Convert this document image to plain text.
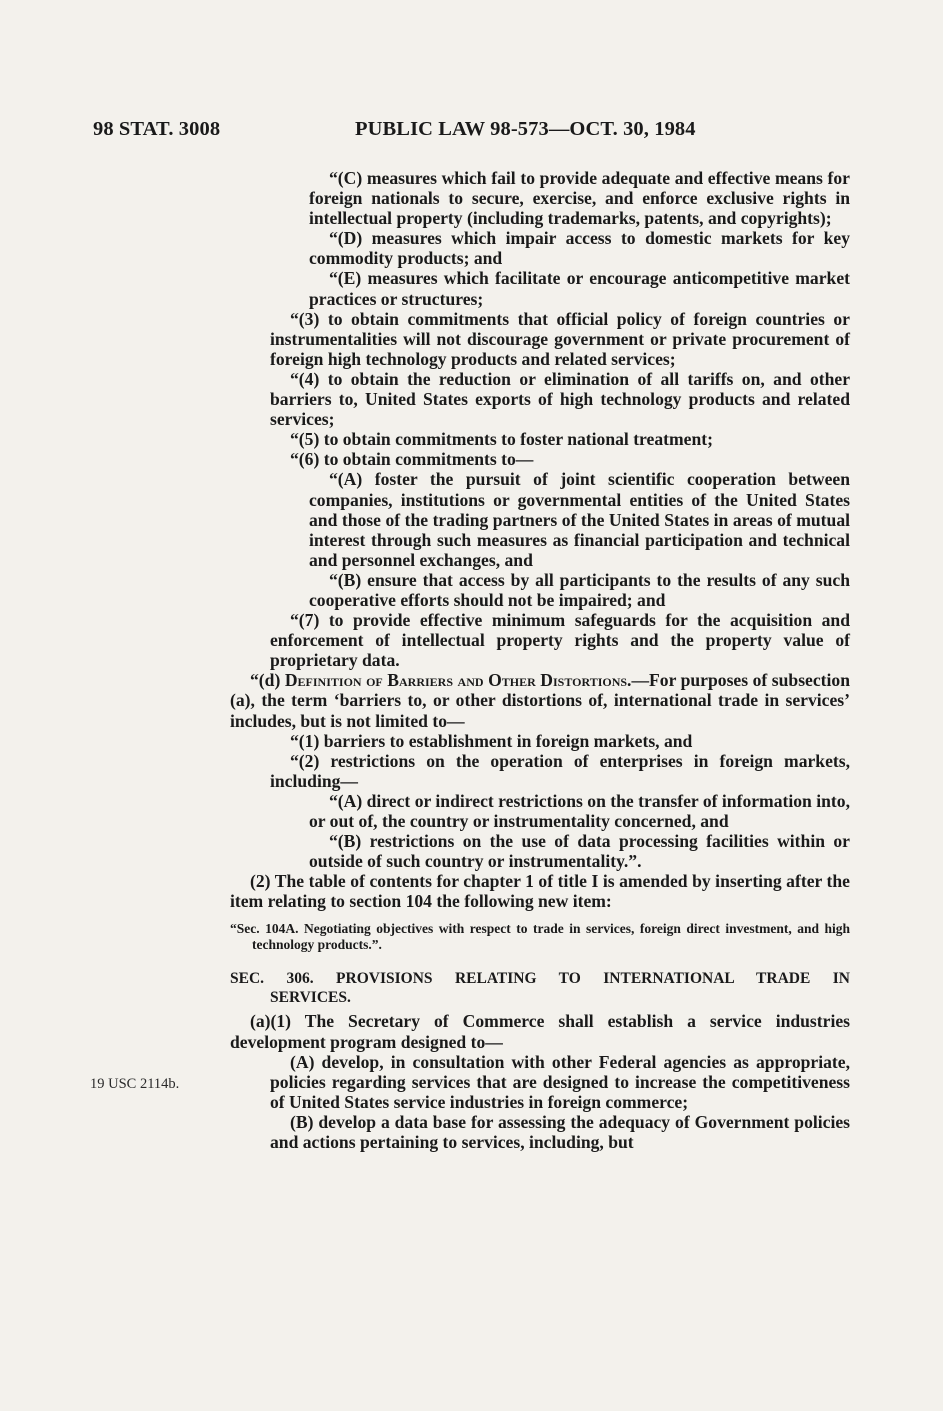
98 STAT. 3008	PUBLIC LAW 98-573—OCT. 30, 1984
19 USC 2114b.

“(C) measures which fail to provide adequate and effective means for foreign nationals to secure, exercise, and enforce exclusive rights in intellectual property (including trademarks, patents, and copyrights);

“(D) measures which impair access to domestic markets for key commodity products; and

“(E) measures which facilitate or encourage anticompetitive market practices or structures;

“(3) to obtain commitments that official policy of foreign countries or instrumentalities will not discourage government or private procurement of foreign high technology products and related services;

“(4) to obtain the reduction or elimination of all tariffs on, and other barriers to, United States exports of high technology products and related services;

“(5) to obtain commitments to foster national treatment;

“(6) to obtain commitments to—

“(A) foster the pursuit of joint scientific cooperation between companies, institutions or governmental entities of the United States and those of the trading partners of the United States in areas of mutual interest through such measures as financial participation and technical and personnel exchanges, and

“(B) ensure that access by all participants to the results of any such cooperative efforts should not be impaired; and

“(7) to provide effective minimum safeguards for the acquisition and enforcement of intellectual property rights and the property value of proprietary data.

“(d) Definition of Barriers and Other Distortions.—For purposes of subsection (a), the term ‘barriers to, or other distortions of, international trade in services’ includes, but is not limited to—

“(1) barriers to establishment in foreign markets, and

“(2) restrictions on the operation of enterprises in foreign markets, including—

“(A) direct or indirect restrictions on the transfer of information into, or out of, the country or instrumentality concerned, and

“(B) restrictions on the use of data processing facilities within or outside of such country or instrumentality.”.

(2) The table of contents for chapter 1 of title I is amended by inserting after the item relating to section 104 the following new item:

“Sec. 104A. Negotiating objectives with respect to trade in services, foreign direct investment, and high technology products.”.

SEC. 306. PROVISIONS RELATING TO INTERNATIONAL TRADE IN
SERVICES.

(a)(1) The Secretary of Commerce shall establish a service industries development program designed to—

(A) develop, in consultation with other Federal agencies as appropriate, policies regarding services that are designed to increase the competitiveness of United States service industries in foreign commerce;

(B) develop a data base for assessing the adequacy of Government policies and actions pertaining to services, including, but
